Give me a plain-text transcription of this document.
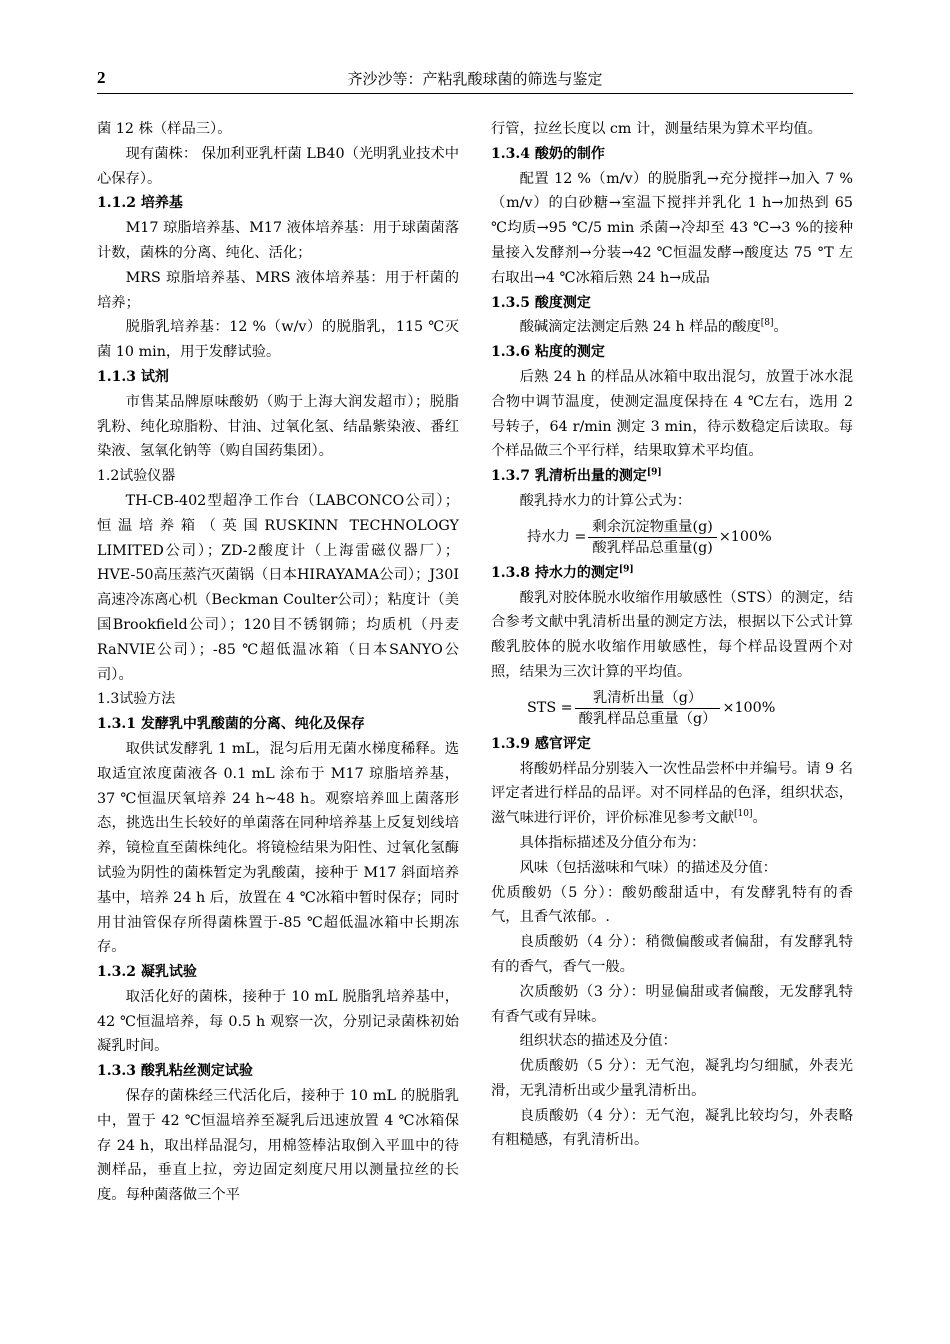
2	齐沙沙等：产粘乳酸球菌的筛选与鉴定

菌 12 株（样品三）。

现有菌株： 保加利亚乳杆菌 LB40（光明乳业技术中心保存）。

1.1.2 培养基

M17 琼脂培养基、M17 液体培养基：用于球菌菌落计数，菌株的分离、纯化、活化；

MRS 琼脂培养基、MRS 液体培养基：用于杆菌的培养；

脱脂乳培养基：12 %（w/v）的脱脂乳，115 ℃灭菌 10 min，用于发酵试验。

1.1.3 试剂

市售某品牌原味酸奶（购于上海大润发超市）；脱脂乳粉、纯化琼脂粉、甘油、过氧化氢、结晶紫染液、番红染液、氢氧化钠等（购自国药集团）。

1.2试验仪器

TH-CB-402型超净工作台（LABCONCO公司）；恒温培养箱（英国RUSKINN TECHNOLOGY LIMITED公司）；ZD-2酸度计（上海雷磁仪器厂）；HVE-50高压蒸汽灭菌锅（日本HIRAYAMA公司）；J30I高速冷冻离心机（Beckman Coulter公司）；粘度计（美国Brookfield公司）；120目不锈钢筛；均质机（丹麦RaNVIE公司）；-85 ℃超低温冰箱（日本SANYO公司）。

1.3试验方法

1.3.1 发酵乳中乳酸菌的分离、纯化及保存

取供试发酵乳 1 mL，混匀后用无菌水梯度稀释。选取适宜浓度菌液各 0.1 mL 涂布于 M17 琼脂培养基，37 ℃恒温厌氧培养 24 h~48 h。观察培养皿上菌落形态，挑选出生长较好的单菌落在同种培养基上反复划线培养，镜检直至菌株纯化。将镜检结果为阳性、过氧化氢酶试验为阴性的菌株暂定为乳酸菌，接种于 M17 斜面培养基中，培养 24 h 后，放置在 4 ℃冰箱中暂时保存；同时用甘油管保存所得菌株置于-85 ℃超低温冰箱中长期冻存。

1.3.2 凝乳试验

取活化好的菌株，接种于 10 mL 脱脂乳培养基中，42 ℃恒温培养，每 0.5 h 观察一次，分别记录菌株初始凝乳时间。

1.3.3 酸乳粘丝测定试验

保存的菌株经三代活化后，接种于 10 mL 的脱脂乳中，置于 42 ℃恒温培养至凝乳后迅速放置 4 ℃冰箱保存 24 h，取出样品混匀，用棉签棒沾取倒入平皿中的待测样品，垂直上拉，旁边固定刻度尺用以测量拉丝的长度。每种菌落做三个平

行管，拉丝长度以 cm 计，测量结果为算术平均值。

1.3.4 酸奶的制作

配置 12 %（m/v）的脱脂乳→充分搅拌→加入 7 %（m/v）的白砂糖→室温下搅拌并乳化 1 h→加热到 65 ℃均质→95 ℃/5 min 杀菌→冷却至 43 ℃→3 %的接种量接入发酵剂→分装→42 ℃恒温发酵→酸度达 75 °T 左右取出→4 ℃冰箱后熟 24 h→成品

1.3.5 酸度测定

酸碱滴定法测定后熟 24 h 样品的酸度[8]。

1.3.6 粘度的测定

后熟 24 h 的样品从冰箱中取出混匀，放置于冰水混合物中调节温度，使测定温度保持在 4 ℃左右，选用 2 号转子，64 r/min 测定 3 min，待示数稳定后读取。每个样品做三个平行样，结果取算术平均值。

1.3.7 乳清析出量的测定[9]

酸乳持水力的计算公式为：

持水力 = $\frac{\text{剩余沉淀物重量(g)}}{\text{酸乳样品总重量(g)}} \times 100\%$

1.3.8 持水力的测定[9]

酸乳对胶体脱水收缩作用敏感性（STS）的测定，结合参考文献中乳清析出量的测定方法，根据以下公式计算酸乳胶体的脱水收缩作用敏感性，每个样品设置两个对照，结果为三次计算的平均值。

STS = $\frac{\text{乳清析出量（g）}}{\text{酸乳样品总重量（g）}} \times 100\%$

1.3.9 感官评定

将酸奶样品分别装入一次性品尝杯中并编号。请 9 名评定者进行样品的品评。对不同样品的色泽，组织状态，滋气味进行评价，评价标准见参考文献[10]。

具体指标描述及分值分布为：

风味（包括滋味和气味）的描述及分值：

优质酸奶（5 分）：酸奶酸甜适中，有发酵乳特有的香气，且香气浓郁。.

良质酸奶（4 分）：稍微偏酸或者偏甜，有发酵乳特有的香气，香气一般。

次质酸奶（3 分）：明显偏甜或者偏酸，无发酵乳特有香气或有异味。

组织状态的描述及分值：

优质酸奶（5 分）：无气泡，凝乳均匀细腻，外表光滑，无乳清析出或少量乳清析出。

良质酸奶（4 分）：无气泡，凝乳比较均匀，外表略有粗糙感，有乳清析出。
